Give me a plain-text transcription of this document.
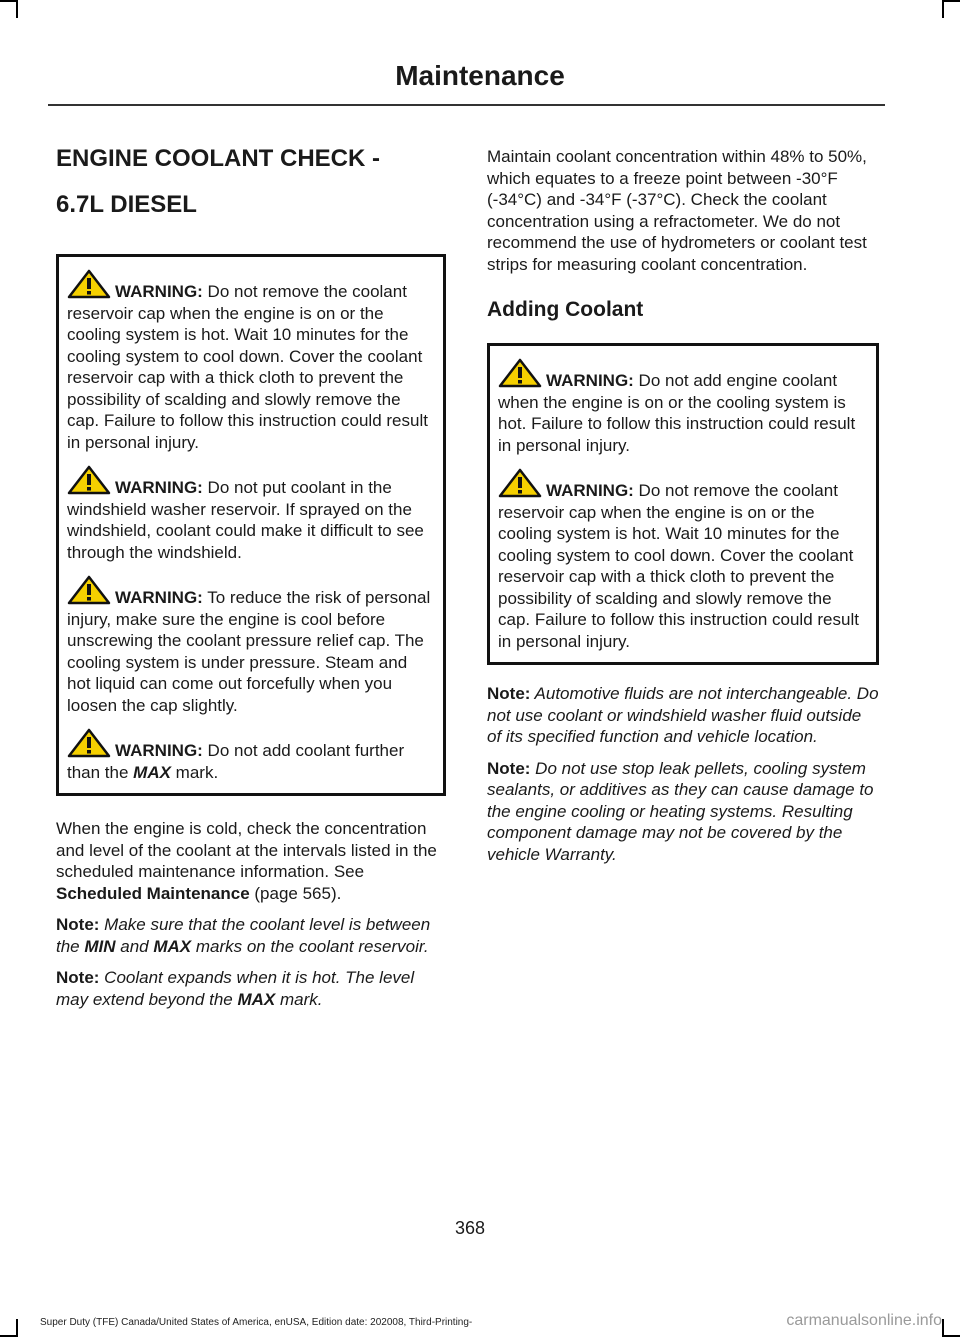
Maintenance
ENGINE COOLANT CHECK -
6.7L DIESEL

WARNING: Do not remove the coolant reservoir cap when the engine is on or the cooling system is hot. Wait 10 minutes for the cooling system to cool down. Cover the coolant reservoir cap with a thick cloth to prevent the possibility of scalding and slowly remove the cap. Failure to follow this instruction could result in personal injury.

WARNING: Do not put coolant in the windshield washer reservoir. If sprayed on the windshield, coolant could make it difficult to see through the windshield.

WARNING: To reduce the risk of personal injury, make sure the engine is cool before unscrewing the coolant pressure relief cap. The cooling system is under pressure. Steam and hot liquid can come out forcefully when you loosen the cap slightly.

WARNING: Do not add coolant further than the MAX mark.

When the engine is cold, check the concentration and level of the coolant at the intervals listed in the scheduled maintenance information. See Scheduled Maintenance (page 565).

Note: Make sure that the coolant level is between the MIN and MAX marks on the coolant reservoir.

Note: Coolant expands when it is hot. The level may extend beyond the MAX mark.

Maintain coolant concentration within 48% to 50%, which equates to a freeze point between -30°F (-34°C) and -34°F (-37°C). Check the coolant concentration using a refractometer. We do not recommend the use of hydrometers or coolant test strips for measuring coolant concentration.

Adding Coolant

WARNING: Do not add engine coolant when the engine is on or the cooling system is hot. Failure to follow this instruction could result in personal injury.

WARNING: Do not remove the coolant reservoir cap when the engine is on or the cooling system is hot. Wait 10 minutes for the cooling system to cool down. Cover the coolant reservoir cap with a thick cloth to prevent the possibility of scalding and slowly remove the cap. Failure to follow this instruction could result in personal injury.

Note: Automotive fluids are not interchangeable. Do not use coolant or windshield washer fluid outside of its specified function and vehicle location.

Note: Do not use stop leak pellets, cooling system sealants, or additives as they can cause damage to the engine cooling or heating systems. Resulting component damage may not be covered by the vehicle Warranty.

368
Super Duty (TFE) Canada/United States of America, enUSA, Edition date: 202008, Third-Printing-	carmanualsonline.info
